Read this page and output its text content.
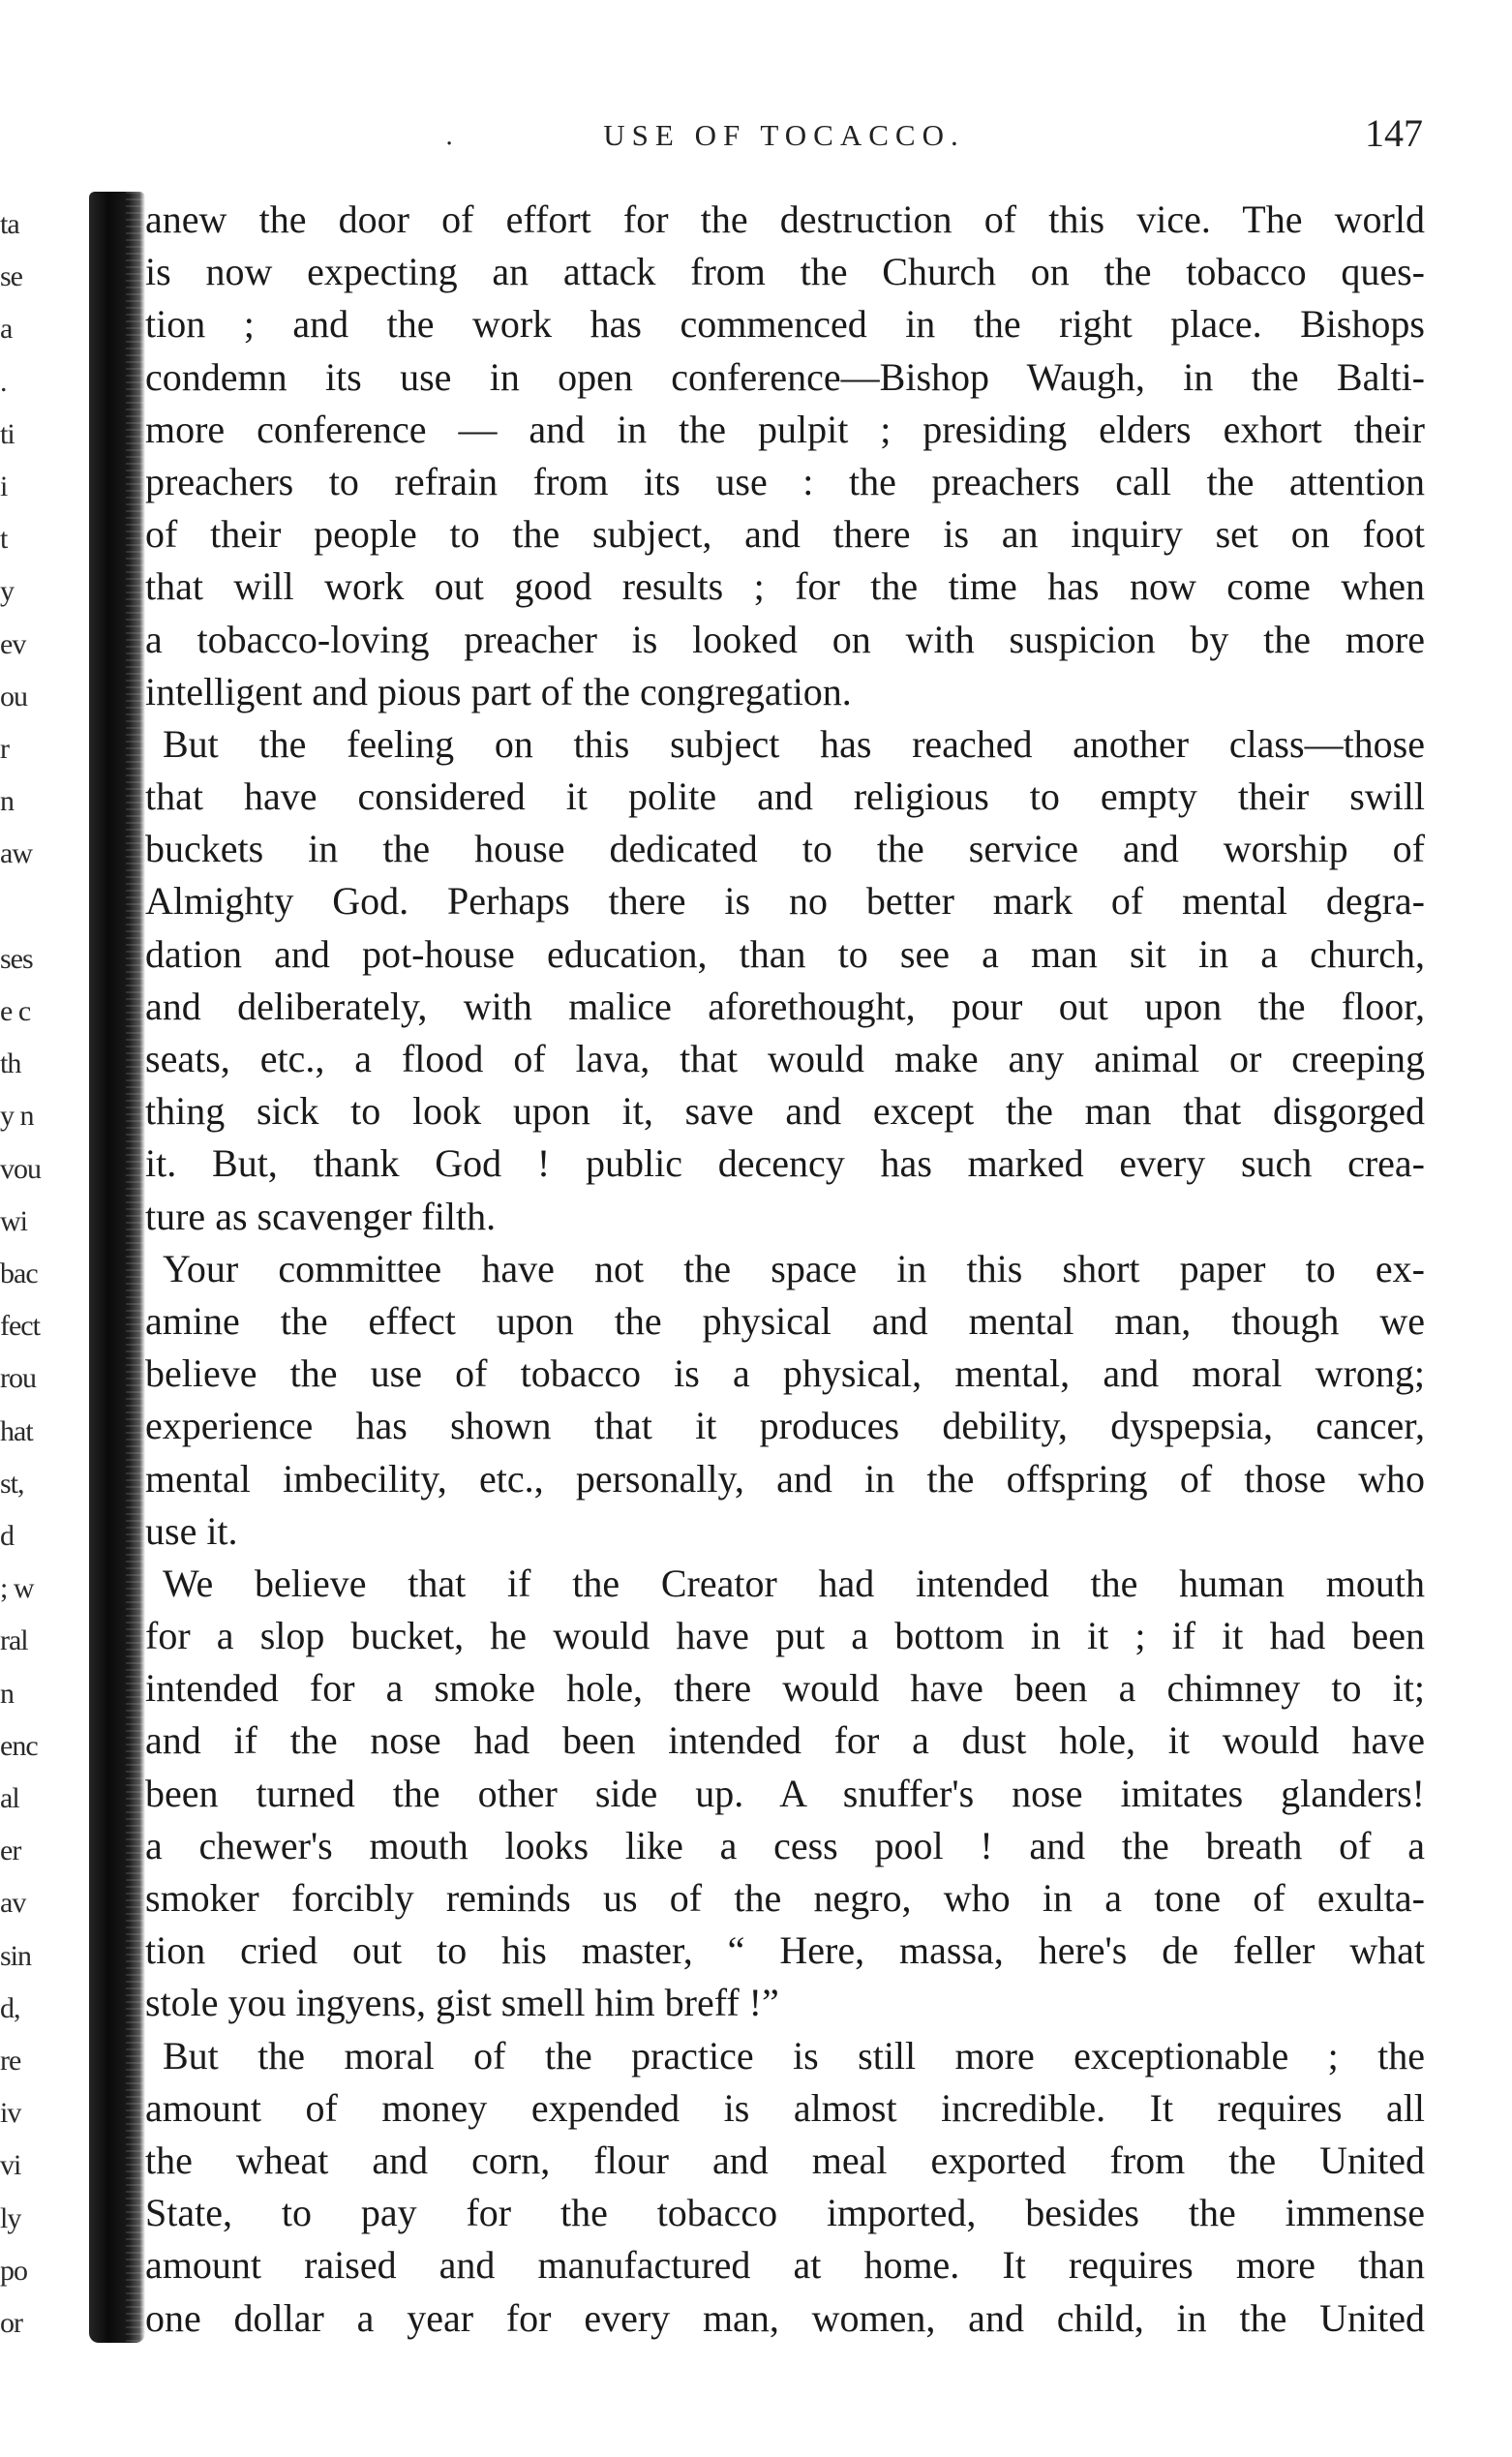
ta
se
a
.
ti
i
t
y
ev
ou
r
n
aw
ses
e c
th
y n
vou
wi
bac
fect
rou
hat
st,
d
; w
ral
n
enc
al
er
av
sin
d,
re
iv
vi
ly
po
or
·	USE OF TOCACCO.	147
anew the door of effort for the destruction of this vice. The world
is now expecting an attack from the Church on the tobacco ques-
tion ; and the work has commenced in the right place. Bishops
condemn its use in open conference—Bishop Waugh, in the Balti-
more conference — and in the pulpit ; presiding elders exhort their
preachers to refrain from its use : the preachers call the attention
of their people to the subject, and there is an inquiry set on foot
that will work out good results ; for the time has now come when
a tobacco-loving preacher is looked on with suspicion by the more
intelligent and pious part of the congregation.
But the feeling on this subject has reached another class—those
that have considered it polite and religious to empty their swill
buckets in the house dedicated to the service and worship of
Almighty God. Perhaps there is no better mark of mental degra-
dation and pot-house education, than to see a man sit in a church,
and deliberately, with malice aforethought, pour out upon the floor,
seats, etc., a flood of lava, that would make any animal or creeping
thing sick to look upon it, save and except the man that disgorged
it. But, thank God ! public decency has marked every such crea-
ture as scavenger filth.
Your committee have not the space in this short paper to ex-
amine the effect upon the physical and mental man, though we
believe the use of tobacco is a physical, mental, and moral wrong;
experience has shown that it produces debility, dyspepsia, cancer,
mental imbecility, etc., personally, and in the offspring of those who
use it.
We believe that if the Creator had intended the human mouth
for a slop bucket, he would have put a bottom in it ; if it had been
intended for a smoke hole, there would have been a chimney to it;
and if the nose had been intended for a dust hole, it would have
been turned the other side up. A snuffer's nose imitates glanders!
a chewer's mouth looks like a cess pool ! and the breath of a
smoker forcibly reminds us of the negro, who in a tone of exulta-
tion cried out to his master, “ Here, massa, here's de feller what
stole you ingyens, gist smell him breff !”
But the moral of the practice is still more exceptionable ; the
amount of money expended is almost incredible. It requires all
the wheat and corn, flour and meal exported from the United
State, to pay for the tobacco imported, besides the immense
amount raised and manufactured at home. It requires more than
one dollar a year for every man, women, and child, in the United
